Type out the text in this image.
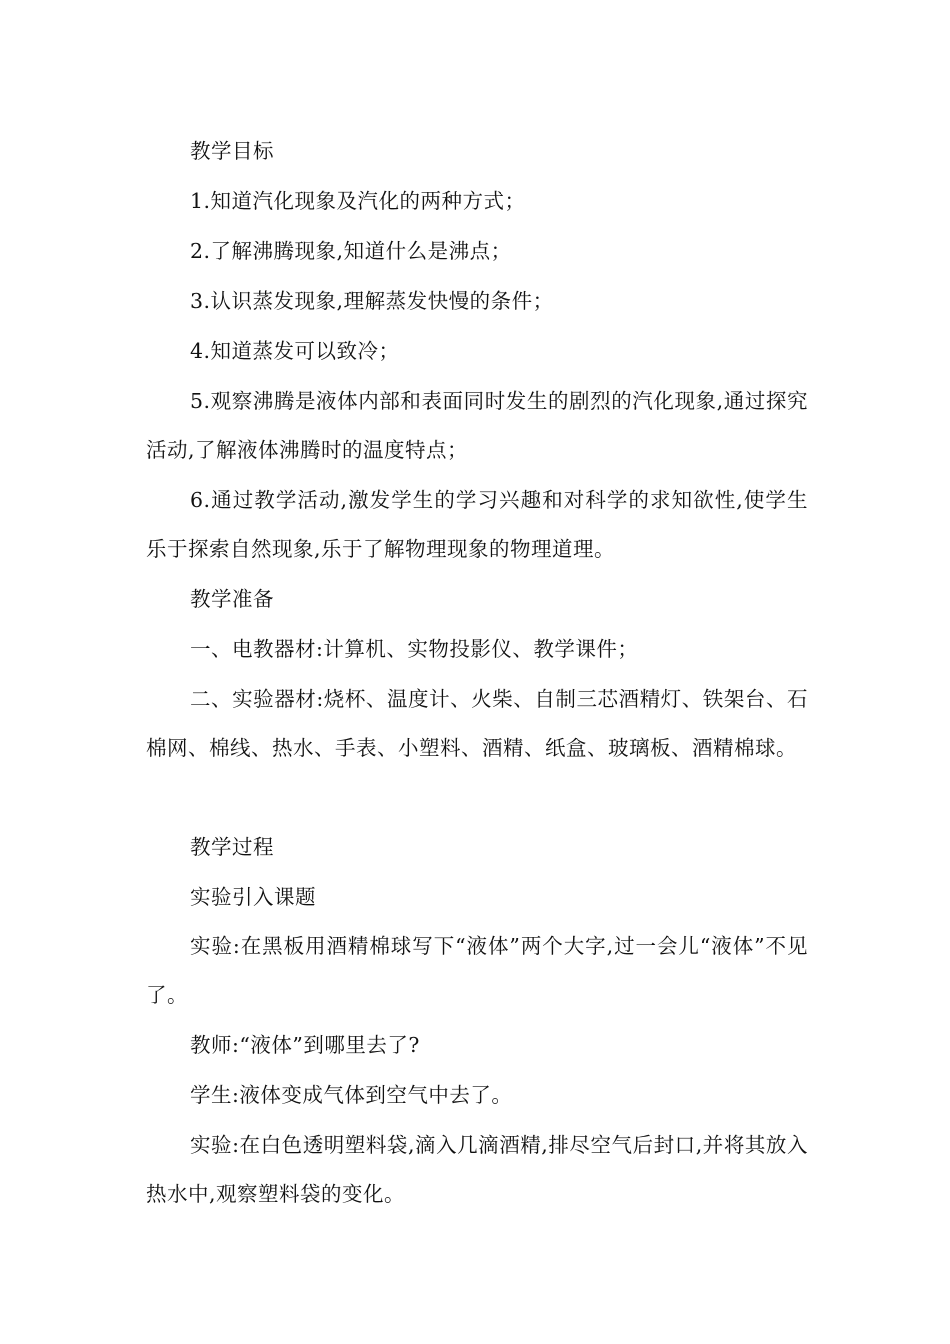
教学目标

1.知道汽化现象及汽化的两种方式；

2.了解沸腾现象,知道什么是沸点；

3.认识蒸发现象,理解蒸发快慢的条件；

4.知道蒸发可以致冷；

5.观察沸腾是液体内部和表面同时发生的剧烈的汽化现象,通过探究活动,了解液体沸腾时的温度特点；

6.通过教学活动,激发学生的学习兴趣和对科学的求知欲性,使学生乐于探索自然现象,乐于了解物理现象的物理道理。

教学准备

一、电教器材:计算机、实物投影仪、教学课件；

二、实验器材:烧杯、温度计、火柴、自制三芯酒精灯、铁架台、石棉网、棉线、热水、手表、小塑料、酒精、纸盒、玻璃板、酒精棉球。

教学过程

实验引入课题

实验:在黑板用酒精棉球写下“液体”两个大字,过一会儿“液体”不见了。

教师:“液体”到哪里去了?

学生:液体变成气体到空气中去了。

实验:在白色透明塑料袋,滴入几滴酒精,排尽空气后封口,并将其放入热水中,观察塑料袋的变化。
